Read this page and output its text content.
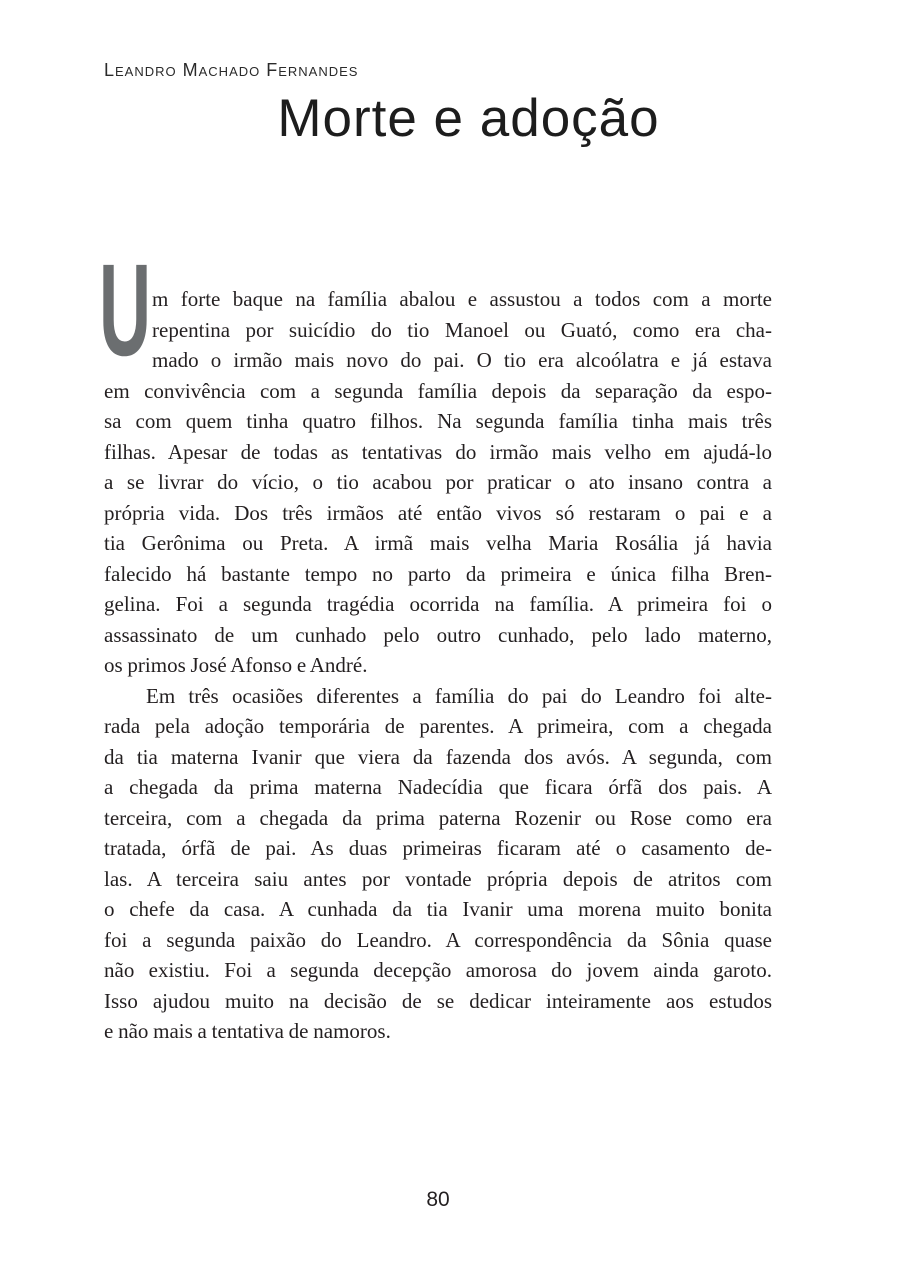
Leandro Machado Fernandes
Morte e adoção
U m forte baque na família abalou e assustou a todos com a morte
repentina por suicídio do tio Manoel ou Guató, como era cha-
mado o irmão mais novo do pai. O tio era alcoólatra e já estava
em convivência com a segunda família depois da separação da espo-
sa com quem tinha quatro filhos. Na segunda família tinha mais três
filhas. Apesar de todas as tentativas do irmão mais velho em ajudá-lo
a se livrar do vício, o tio acabou por praticar o ato insano contra a
própria vida. Dos três irmãos até então vivos só restaram o pai e a
tia Gerônima ou Preta. A irmã mais velha Maria Rosália já havia
falecido há bastante tempo no parto da primeira e única filha Bren-
gelina. Foi a segunda tragédia ocorrida na família. A primeira foi o
assassinato de um cunhado pelo outro cunhado, pelo lado materno,
os primos José Afonso e André.
Em três ocasiões diferentes a família do pai do Leandro foi alte-
rada pela adoção temporária de parentes. A primeira, com a chegada
da tia materna Ivanir que viera da fazenda dos avós. A segunda, com
a chegada da prima materna Nadecídia que ficara órfã dos pais. A
terceira, com a chegada da prima paterna Rozenir ou Rose como era
tratada, órfã de pai. As duas primeiras ficaram até o casamento de-
las. A terceira saiu antes por vontade própria depois de atritos com
o chefe da casa. A cunhada da tia Ivanir uma morena muito bonita
foi a segunda paixão do Leandro. A correspondência da Sônia quase
não existiu. Foi a segunda decepção amorosa do jovem ainda garoto.
Isso ajudou muito na decisão de se dedicar inteiramente aos estudos
e não mais a tentativa de namoros.
80
